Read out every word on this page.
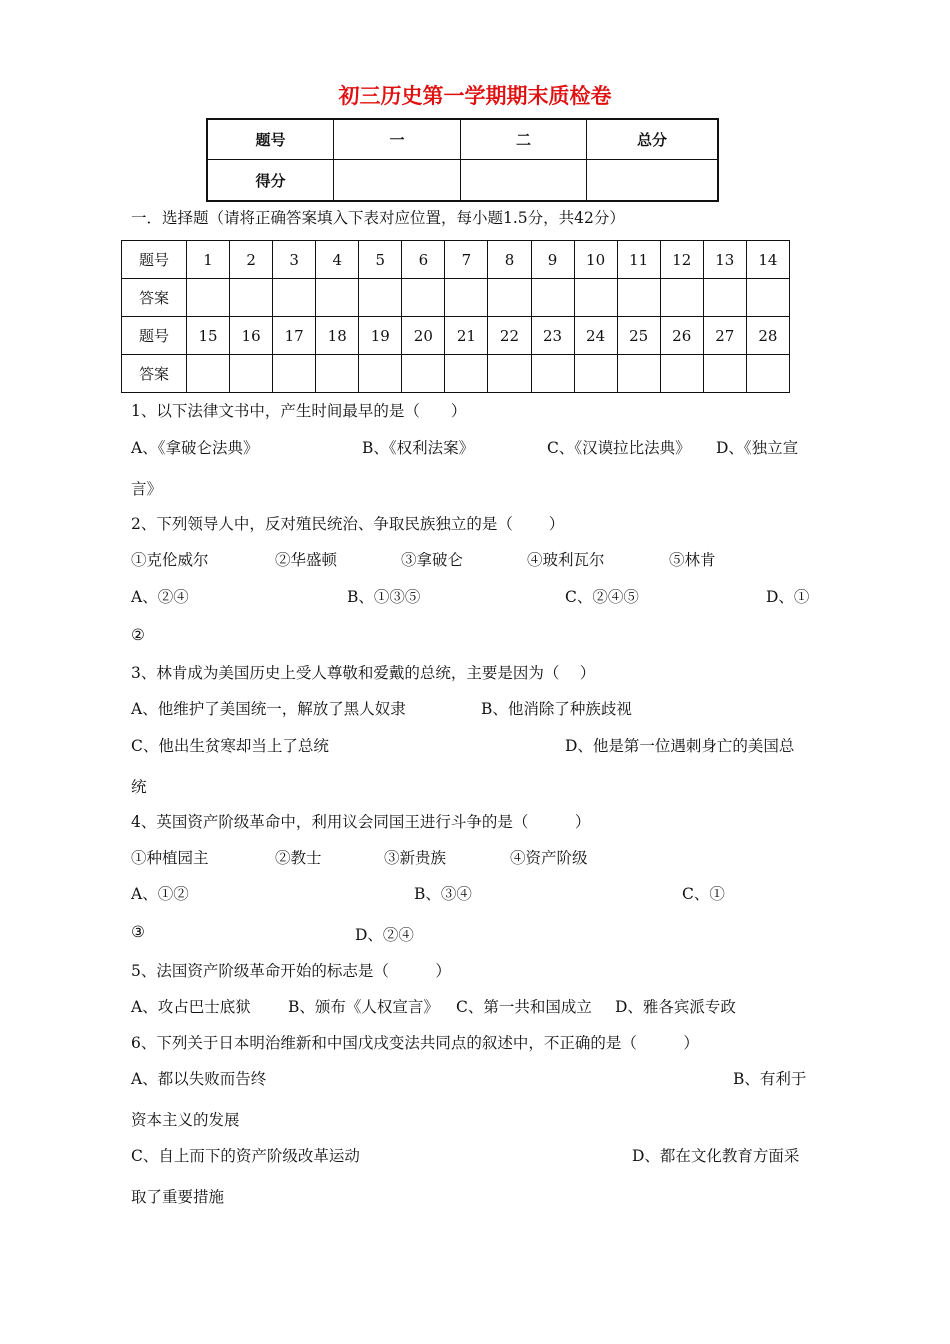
初三历史第一学期期末质检卷
题号	一	二	总分
得分			
一．选择题（请将正确答案填入下表对应位置，每小题1.5分，共42分）
题号	1	2	3	4	5	6	7	8	9	10	11	12	13	14
答案														
题号	15	16	17	18	19	20	21	22	23	24	25	26	27	28
答案														
1、以下法律文书中，产生时间最早的是（　　）
A、《拿破仑法典》	B、《权利法案》	C、《汉谟拉比法典》 D、《独立宣
言》
2、下列领导人中，反对殖民统治、争取民族独立的是（　　 ）
①克伦威尔	②华盛顿	③拿破仑	④玻利瓦尔	⑤林肯
A、②④	B、①③⑤	C、②④⑤	D、①
②
3、林肯成为美国历史上受人尊敬和爱戴的总统，主要是因为（　 ）
A、他维护了美国统一，解放了黑人奴隶	B、他消除了种族歧视
C、他出生贫寒却当上了总统	D、他是第一位遇刺身亡的美国总
统
4、英国资产阶级革命中，利用议会同国王进行斗争的是（　　　）
①种植园主	②教士	③新贵族	④资产阶级
A、①②	B、③④	C、①
③	D、②④
5、法国资产阶级革命开始的标志是（　　　）
A、攻占巴士底狱 B、颁布《人权宣言》 C、第一共和国成立 D、雅各宾派专政
6、下列关于日本明治维新和中国戊戌变法共同点的叙述中，不正确的是（　　　）
A、都以失败而告终	B、有利于
资本主义的发展
C、自上而下的资产阶级改革运动	D、都在文化教育方面采
取了重要措施
